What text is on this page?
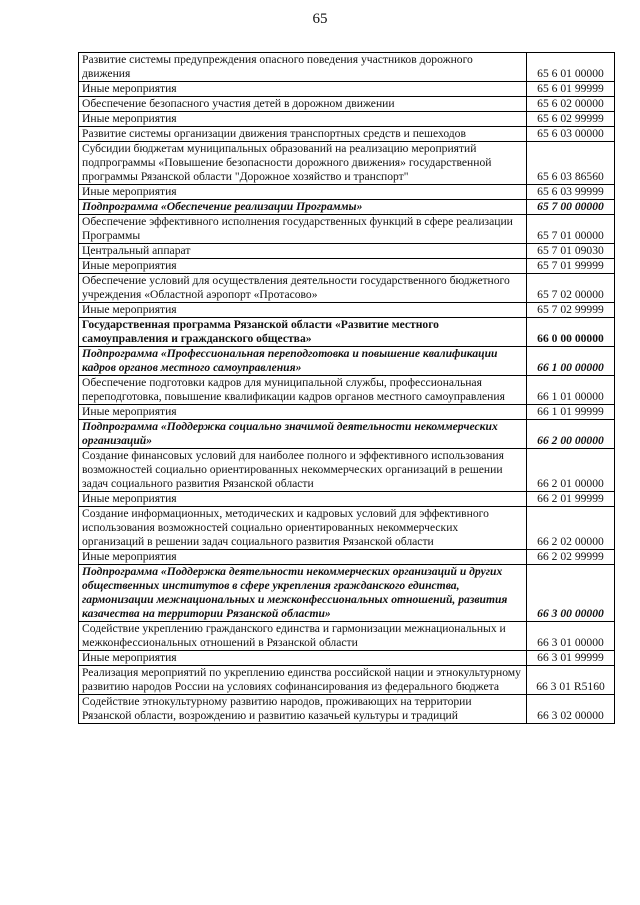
65
Развитие системы предупреждения опасного поведения участников дорожного движения	65 6 01 00000
Иные мероприятия	65 6 01 99999
Обеспечение безопасного участия детей в дорожном движении	65 6 02 00000
Иные мероприятия	65 6 02 99999
Развитие системы организации движения транспортных средств и пешеходов	65 6 03 00000
Субсидии бюджетам муниципальных образований на реализацию мероприятий подпрограммы «Повышение безопасности дорожного движения» государственной программы Рязанской области "Дорожное хозяйство и транспорт"	65 6 03 86560
Иные мероприятия	65 6 03 99999
Подпрограмма «Обеспечение реализации Программы»	65 7 00 00000
Обеспечение эффективного исполнения государственных функций в сфере реализации Программы	65 7 01 00000
Центральный аппарат	65 7 01 09030
Иные мероприятия	65 7 01 99999
Обеспечение условий для осуществления деятельности государственного бюджетного учреждения «Областной аэропорт «Протасово»	65 7 02 00000
Иные мероприятия	65 7 02 99999
Государственная программа Рязанской области «Развитие местного самоуправления и гражданского общества»	66 0 00 00000
Подпрограмма «Профессиональная переподготовка и повышение квалификации кадров органов местного самоуправления»	66 1 00 00000
Обеспечение подготовки кадров для муниципальной службы, профессиональная переподготовка, повышение квалификации кадров органов местного самоуправления	66 1 01 00000
Иные мероприятия	66 1 01 99999
Подпрограмма «Поддержка социально значимой деятельности некоммерческих организаций»	66 2 00 00000
Создание финансовых условий для наиболее полного и эффективного использования возможностей социально ориентированных некоммерческих организаций в решении задач социального развития Рязанской области	66 2 01 00000
Иные мероприятия	66 2 01 99999
Создание информационных, методических и кадровых условий для эффективного использования возможностей социально ориентированных некоммерческих организаций в решении задач социального развития Рязанской области	66 2 02 00000
Иные мероприятия	66 2 02 99999
Подпрограмма «Поддержка деятельности некоммерческих организаций и других общественных институтов в сфере укрепления гражданского единства, гармонизации межнациональных и межконфессиональных отношений, развития казачества на территории Рязанской области»	66 3 00 00000
Содействие укреплению гражданского единства и гармонизации межнациональных и межконфессиональных отношений в Рязанской области	66 3 01 00000
Иные мероприятия	66 3 01 99999
Реализация мероприятий по укреплению единства российской нации и этнокультурному развитию народов России на условиях софинансирования из федерального бюджета	66 3 01 R5160
Содействие этнокультурному развитию народов, проживающих на территории Рязанской области, возрождению и развитию казачьей культуры и традиций	66 3 02 00000
